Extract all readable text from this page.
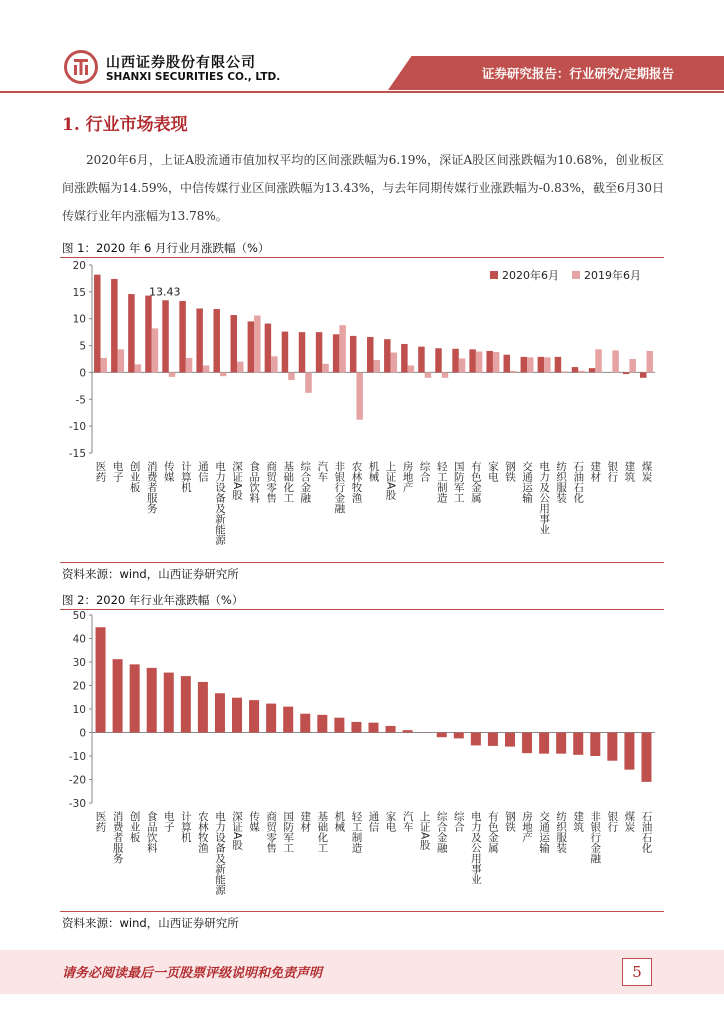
山西证券股份有限公司
SHANXI SECURITIES CO., LTD.	证券研究报告：行业研究/定期报告
1. 行业市场表现
2020年6月，上证A股流通市值加权平均的区间涨跌幅为6.19%，深证A股区间涨跌幅为10.68%，创业板区间涨跌幅为14.59%，中信传媒行业区间涨跌幅为13.43%，与去年同期传媒行业涨跌幅为-0.83%，截至6月30日传媒行业年内涨幅为13.78%。
图 1：2020 年 6 月行业月涨跌幅（%）
-15
-10
-5
0
5
10
15
20
医药 电子 创业板 消费者服务 传媒 计算机 通信 电力设备及新能源 深证A股 食品饮料 商贸零售 基础化工 综合金融 汽车 非银行金融 农林牧渔 机械 上证A股 房地产 综合 轻工制造 国防军工 有色金属 家电 钢铁 交通运输 电力及公用事业 纺织服装 石油石化 建材 银行 建筑 煤炭
13.43
2020年6月 2019年6月
资料来源：wind，山西证券研究所
图 2：2020 年行业年涨跌幅（%）
-30
-20
-10
0
10
20
30
40
50
医药 消费者服务 创业板 食品饮料 电子 计算机 农林牧渔 电力设备及新能源 深证A股 传媒 商贸零售 国防军工 建材 基础化工 机械 轻工制造 通信 家电 汽车 上证A股 综合金融 综合 电力及公用事业 有色金属 钢铁 房地产 交通运输 纺织服装 建筑 非银行金融 银行 煤炭 石油石化
资料来源：wind，山西证券研究所
请务必阅读最后一页股票评级说明和免责声明	5
